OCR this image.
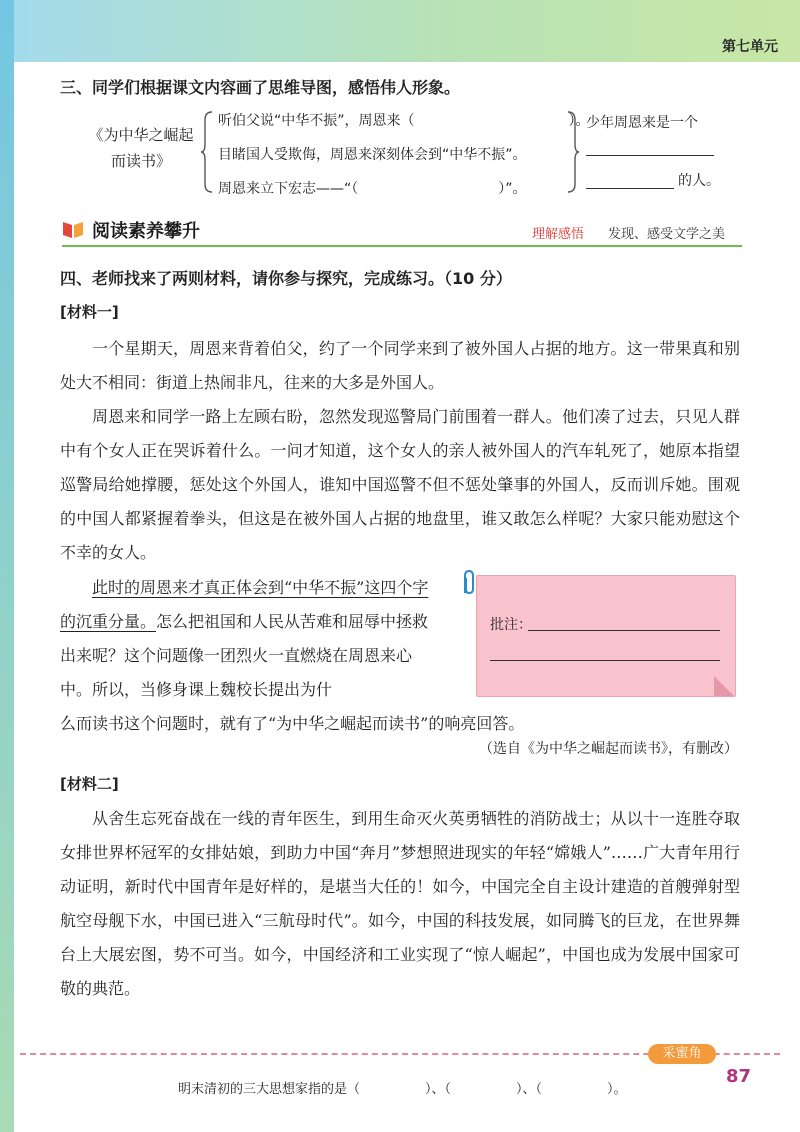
第七单元
三、同学们根据课文内容画了思维导图，感悟伟人形象。
《为中华之崛起
而读书》
听伯父说“中华不振”，周恩来（　　　　　　　　　　　）。
目睹国人受欺侮，周恩来深刻体会到“中华不振”。
周恩来立下宏志——“（　　　　　　　　　　）”。
少年周恩来是一个
的人。
阅读素养攀升	理解感悟 发现、感受文学之美
四、老师找来了两则材料，请你参与探究，完成练习。（10 分）
[材料一]
一个星期天，周恩来背着伯父，约了一个同学来到了被外国人占据的地方。这一带果真和别处大不相同：街道上热闹非凡，往来的大多是外国人。
周恩来和同学一路上左顾右盼，忽然发现巡警局门前围着一群人。他们凑了过去，只见人群中有个女人正在哭诉着什么。一问才知道，这个女人的亲人被外国人的汽车轧死了，她原本指望巡警局给她撑腰，惩处这个外国人，谁知中国巡警不但不惩处肇事的外国人，反而训斥她。围观的中国人都紧握着拳头，但这是在被外国人占据的地盘里，谁又敢怎么样呢？大家只能劝慰这个不幸的女人。
此时的周恩来才真正体会到“中华不振”这四个字的沉重分量。怎么把祖国和人民从苦难和屈辱中拯救出来呢？这个问题像一团烈火一直燃烧在周恩来心中。所以，当修身课上魏校长提出为什
么而读书这个问题时，就有了“为中华之崛起而读书”的响亮回答。
（选自《为中华之崛起而读书》，有删改）
批注：
[材料二]
从舍生忘死奋战在一线的青年医生，到用生命灭火英勇牺牲的消防战士；从以十一连胜夺取女排世界杯冠军的女排姑娘，到助力中国“奔月”梦想照进现实的年轻“嫦娥人”……广大青年用行动证明，新时代中国青年是好样的，是堪当大任的！如今，中国完全自主设计建造的首艘弹射型航空母舰下水，中国已进入“三航母时代”。如今，中国的科技发展，如同腾飞的巨龙，在世界舞台上大展宏图，势不可当。如今，中国经济和工业实现了“惊人崛起”，中国也成为发展中国家可敬的典范。
采蜜角
明末清初的三大思想家指的是（　　　　　）、（　　　　　）、（　　　　　）。
87
